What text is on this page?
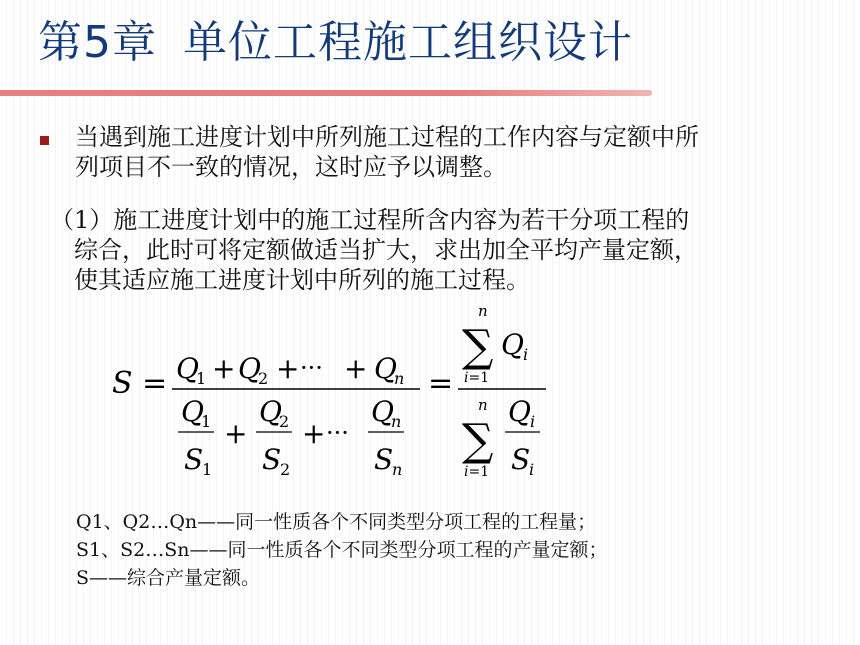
第5章 单位工程施工组织设计
当遇到施工进度计划中所列施工过程的工作内容与定额中所
列项目不一致的情况，这时应予以调整。
（1）施工进度计划中的施工过程所含内容为若干分项工程的
综合，此时可将定额做适当扩大，求出加全平均产量定额，
使其适应施工进度计划中所列的施工过程。
S = Q
1 + Q
2 + ··· + Q
n
Q
1
S
1
+
Q
2
S
2
+ ···
Q
n
S
n
=
n
∑ Q i
i=1
n
∑
Q i
S
i
i=1
Q1、Q2…Qn——同一性质各个不同类型分项工程的工程量；
S1、S2…Sn——同一性质各个不同类型分项工程的产量定额；
S——综合产量定额。
